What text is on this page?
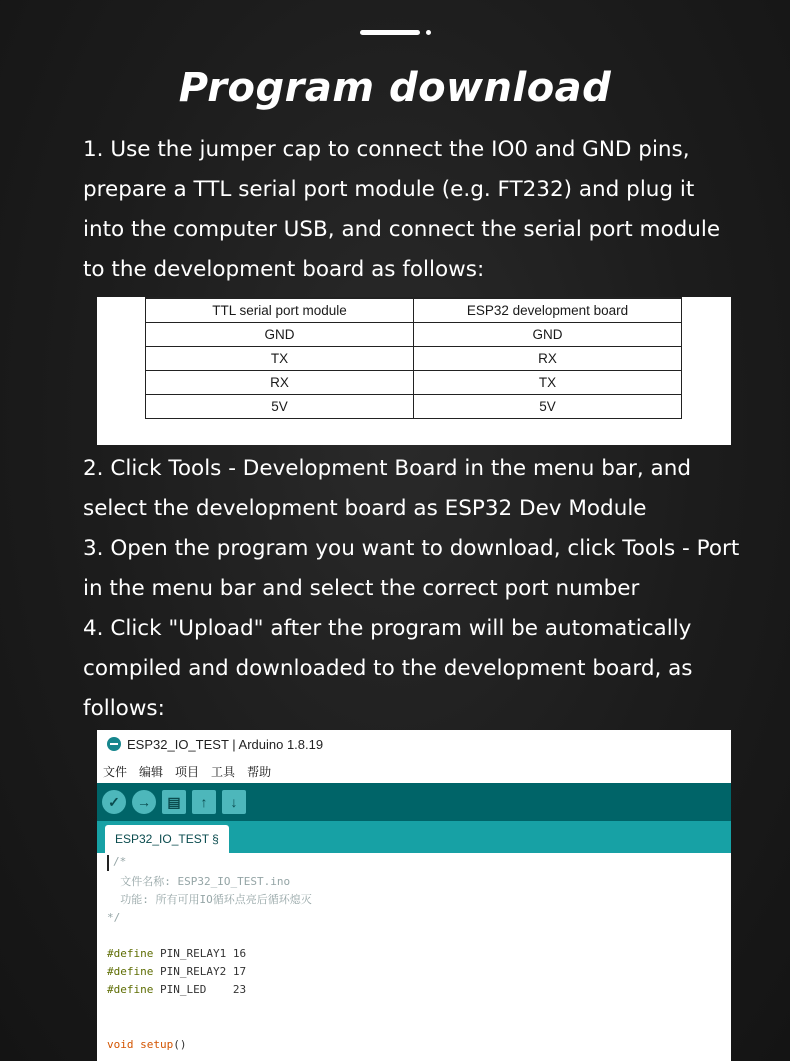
Program download
1. Use the jumper cap to connect the IO0 and GND pins,
prepare a TTL serial port module (e.g. FT232) and plug it
into the computer USB, and connect the serial port module
to the development board as follows:
TTL serial port module	ESP32 development board
GND	GND
TX	RX
RX	TX
5V	5V
2. Click Tools - Development Board in the menu bar, and
select the development board as ESP32 Dev Module
3. Open the program you want to download, click Tools - Port
in the menu bar and select the correct port number
4. Click "Upload" after the program will be automatically
compiled and downloaded to the development board, as
follows:
ESP32_IO_TEST | Arduino 1.8.19
文件 编辑 项目 工具 帮助
✓	→	▤	↑	↓
ESP32_IO_TEST §
/*
文件名称: ESP32_IO_TEST.ino
功能: 所有可用IO循环点亮后循环熄灭
*/
#define PIN_RELAY1 16
#define PIN_RELAY2 17
#define PIN_LED    23
void setup()
